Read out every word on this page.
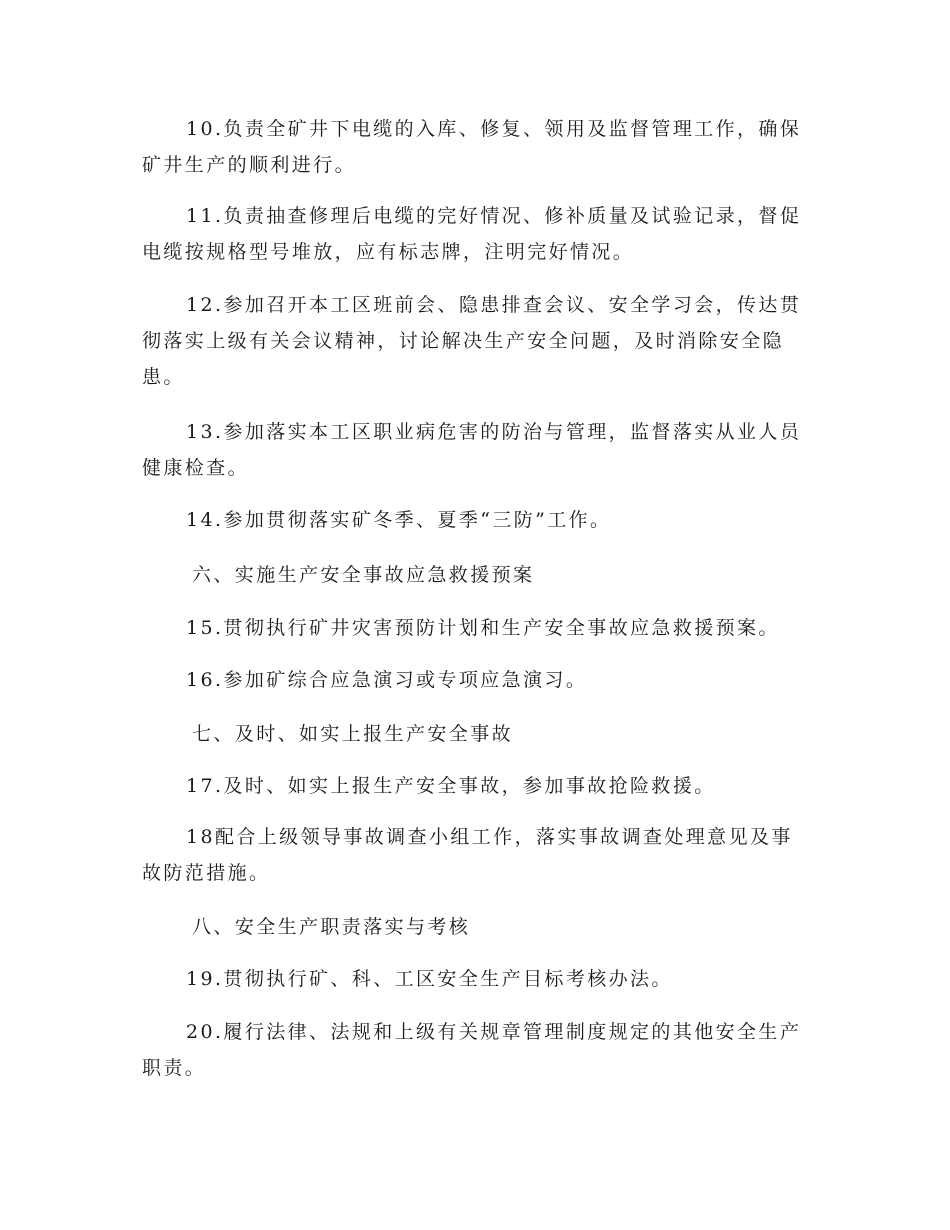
10.负责全矿井下电缆的入库、修复、领用及监督管理工作，确保
矿井生产的顺利进行。
11.负责抽查修理后电缆的完好情况、修补质量及试验记录，督促
电缆按规格型号堆放，应有标志牌，注明完好情况。
12.参加召开本工区班前会、隐患排查会议、安全学习会，传达贯
彻落实上级有关会议精神，讨论解决生产安全问题，及时消除安全隐
患。
13.参加落实本工区职业病危害的防治与管理，监督落实从业人员
健康检查。
14.参加贯彻落实矿冬季、夏季“三防”工作。
六、实施生产安全事故应急救援预案
15.贯彻执行矿井灾害预防计划和生产安全事故应急救援预案。
16.参加矿综合应急演习或专项应急演习。
七、及时、如实上报生产安全事故
17.及时、如实上报生产安全事故，参加事故抢险救援。
18配合上级领导事故调查小组工作，落实事故调查处理意见及事
故防范措施。
八、安全生产职责落实与考核
19.贯彻执行矿、科、工区安全生产目标考核办法。
20.履行法律、法规和上级有关规章管理制度规定的其他安全生产
职责。
